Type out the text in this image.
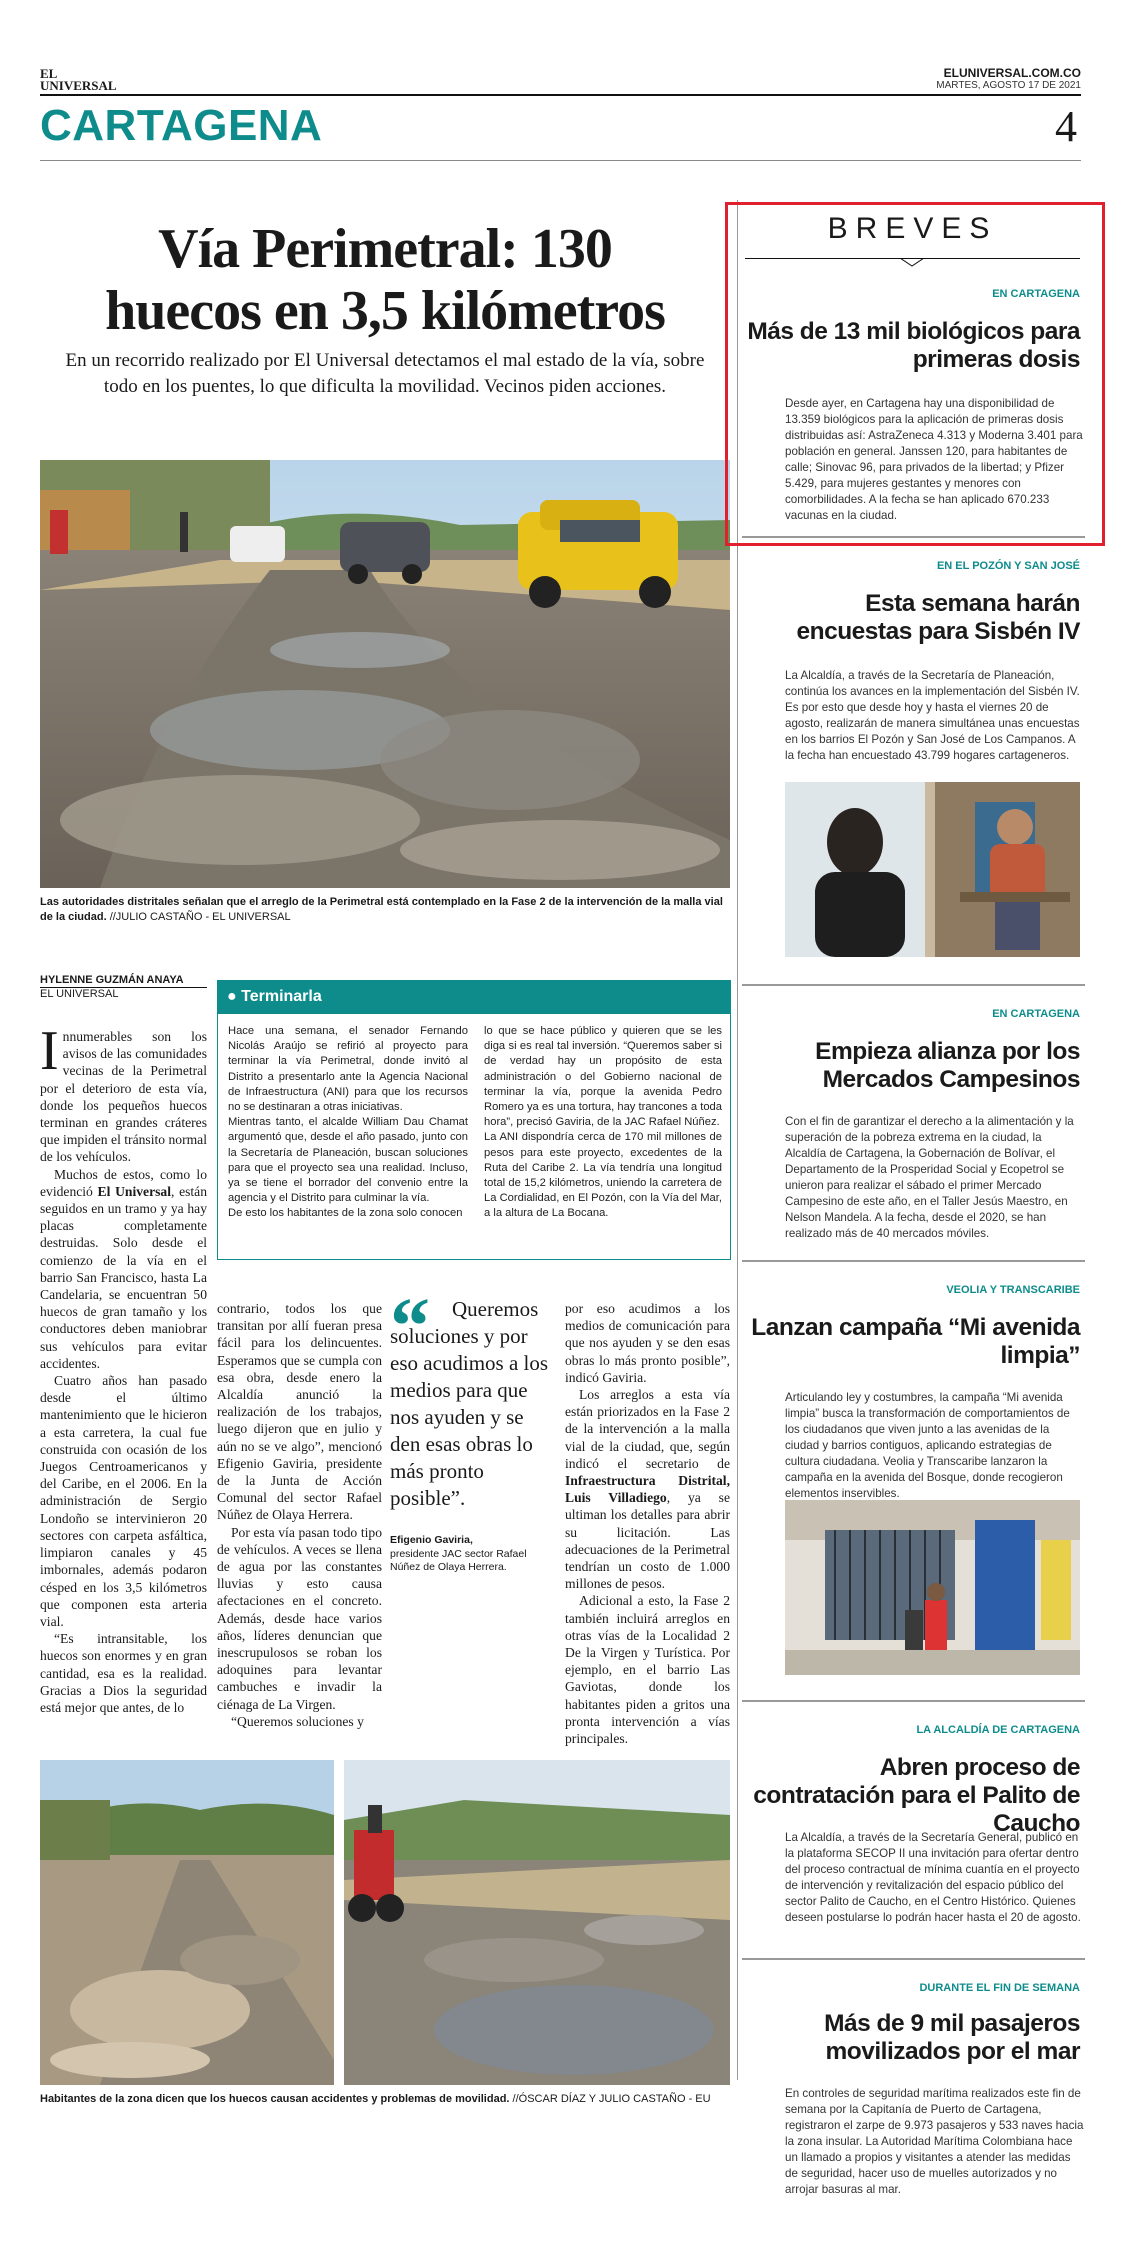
EL
UNIVERSAL
ELUNIVERSAL.COM.CO
MARTES, AGOSTO 17 DE 2021
CARTAGENA	4
Vía Perimetral: 130
huecos en 3,5 kilómetros
En un recorrido realizado por El Universal detectamos el mal estado de la vía, sobre todo en los puentes, lo que dificulta la movilidad. Vecinos piden acciones.
Las autoridades distritales señalan que el arreglo de la Perimetral está contemplado en la Fase 2 de la intervención de la malla vial de la ciudad. //JULIO CASTAÑO - EL UNIVERSAL
HYLENNE GUZMÁN ANAYA
EL UNIVERSAL

Innumerables son los avisos de las comunidades vecinas de la Perimetral por el deterioro de esta vía, donde los pequeños huecos terminan en grandes cráteres que impiden el tránsito normal de los vehículos.

Muchos de estos, como lo evidenció El Universal, están seguidos en un tramo y ya hay placas completamente destruidas. Solo desde el comienzo de la vía en el barrio San Francisco, hasta La Candelaria, se encuentran 50 huecos de gran tamaño y los conductores deben maniobrar sus vehículos para evitar accidentes.

Cuatro años han pasado desde el último mantenimiento que le hicieron a esta carretera, la cual fue construida con ocasión de los Juegos Centroamericanos y del Caribe, en el 2006. En la administración de Sergio Londoño se intervinieron 20 sectores con carpeta asfáltica, limpiaron canales y 45 imbornales, además podaron césped en los 3,5 kilómetros que componen esta arteria vial.

“Es intransitable, los huecos son enormes y en gran cantidad, esa es la realidad. Gracias a Dios la seguridad está mejor que antes, de lo

● Terminarla
Hace una semana, el senador Fernando Nicolás Araújo se refirió al proyecto para terminar la vía Perimetral, donde invitó al Distrito a presentarlo ante la Agencia Nacional de Infraestructura (ANI) para que los recursos no se destinaran a otras iniciativas.
Mientras tanto, el alcalde William Dau Chamat argumentó que, desde el año pasado, junto con la Secretaría de Planeación, buscan soluciones para que el proyecto sea una realidad. Incluso, ya se tiene el borrador del convenio entre la agencia y el Distrito para culminar la vía.
De esto los habitantes de la zona solo conocen
lo que se hace público y quieren que se les diga si es real tal inversión. “Queremos saber si de verdad hay un propósito de esta administración o del Gobierno nacional de terminar la vía, porque la avenida Pedro Romero ya es una tortura, hay trancones a toda hora”, precisó Gaviria, de la JAC Rafael Núñez.
La ANI dispondría cerca de 170 mil millones de pesos para este proyecto, excedentes de la Ruta del Caribe 2. La vía tendría una longitud total de 15,2 kilómetros, uniendo la carretera de La Cordialidad, en El Pozón, con la Vía del Mar, a la altura de La Bocana.

contrario, todos los que transitan por allí fueran presa fácil para los delincuentes. Esperamos que se cumpla con esa obra, desde enero la Alcaldía anunció la realización de los trabajos, luego dijeron que en julio y aún no se ve algo”, mencionó Efigenio Gaviria, presidente de la Junta de Acción Comunal del sector Rafael Núñez de Olaya Herrera.

Por esta vía pasan todo tipo de vehículos. A veces se llena de agua por las constantes lluvias y esto causa afectaciones en el concreto. Además, desde hace varios años, líderes denuncian que inescrupulosos se roban los adoquines para levantar cambuches e invadir la ciénaga de La Virgen.

“Queremos soluciones y

“	Queremos soluciones y por eso acudimos a los medios para que nos ayuden y se den esas obras lo más pronto posible”.
Efigenio Gaviria,
presidente JAC sector Rafael Núñez de Olaya Herrera.

por eso acudimos a los medios de comunicación para que nos ayuden y se den esas obras lo más pronto posible”, indicó Gaviria.

Los arreglos a esta vía están priorizados en la Fase 2 de la intervención a la malla vial de la ciudad, que, según indicó el secretario de Infraestructura Distrital, Luis Villadiego, ya se ultiman los detalles para abrir su licitación. Las adecuaciones de la Perimetral tendrían un costo de 1.000 millones de pesos.

Adicional a esto, la Fase 2 también incluirá arreglos en otras vías de la Localidad 2 De la Virgen y Turística. Por ejemplo, en el barrio Las Gaviotas, donde los habitantes piden a gritos una pronta intervención a vías principales.

Habitantes de la zona dicen que los huecos causan accidentes y problemas de movilidad. //ÓSCAR DÍAZ Y JULIO CASTAÑO - EU
BREVES
EN CARTAGENA
Más de 13 mil biológicos para primeras dosis
Desde ayer, en Cartagena hay una disponibilidad de 13.359 biológicos para la aplicación de primeras dosis distribuidas así: AstraZeneca 4.313 y Moderna 3.401 para población en general. Janssen 120, para habitantes de calle; Sinovac 96, para privados de la libertad; y Pfizer 5.429, para mujeres gestantes y menores con comorbilidades. A la fecha se han aplicado 670.233 vacunas en la ciudad.
EN EL POZÓN Y SAN JOSÉ
Esta semana harán encuestas para Sisbén IV
La Alcaldía, a través de la Secretaría de Planeación, continúa los avances en la implementación del Sisbén IV. Es por esto que desde hoy y hasta el viernes 20 de agosto, realizarán de manera simultánea unas encuestas en los barrios El Pozón y San José de Los Campanos. A la fecha han encuestado 43.799 hogares cartageneros.
EN CARTAGENA
Empieza alianza por los Mercados Campesinos
Con el fin de garantizar el derecho a la alimentación y la superación de la pobreza extrema en la ciudad, la Alcaldía de Cartagena, la Gobernación de Bolívar, el Departamento de la Prosperidad Social y Ecopetrol se unieron para realizar el sábado el primer Mercado Campesino de este año, en el Taller Jesús Maestro, en Nelson Mandela. A la fecha, desde el 2020, se han realizado más de 40 mercados móviles.
VEOLIA Y TRANSCARIBE
Lanzan campaña “Mi avenida limpia”
Articulando ley y costumbres, la campaña “Mi avenida limpia” busca la transformación de comportamientos de los ciudadanos que viven junto a las avenidas de la ciudad y barrios contiguos, aplicando estrategias de cultura ciudadana. Veolia y Transcaribe lanzaron la campaña en la avenida del Bosque, donde recogieron elementos inservibles.
LA ALCALDÍA DE CARTAGENA
Abren proceso de contratación para el Palito de Caucho
La Alcaldía, a través de la Secretaría General, publicó en la plataforma SECOP II una invitación para ofertar dentro del proceso contractual de mínima cuantía en el proyecto de intervención y revitalización del espacio público del sector Palito de Caucho, en el Centro Histórico. Quienes deseen postularse lo podrán hacer hasta el 20 de agosto.
DURANTE EL FIN DE SEMANA
Más de 9 mil pasajeros movilizados por el mar
En controles de seguridad marítima realizados este fin de semana por la Capitanía de Puerto de Cartagena, registraron el zarpe de 9.973 pasajeros y 533 naves hacia la zona insular. La Autoridad Marítima Colombiana hace un llamado a propios y visitantes a atender las medidas de seguridad, hacer uso de muelles autorizados y no arrojar basuras al mar.
